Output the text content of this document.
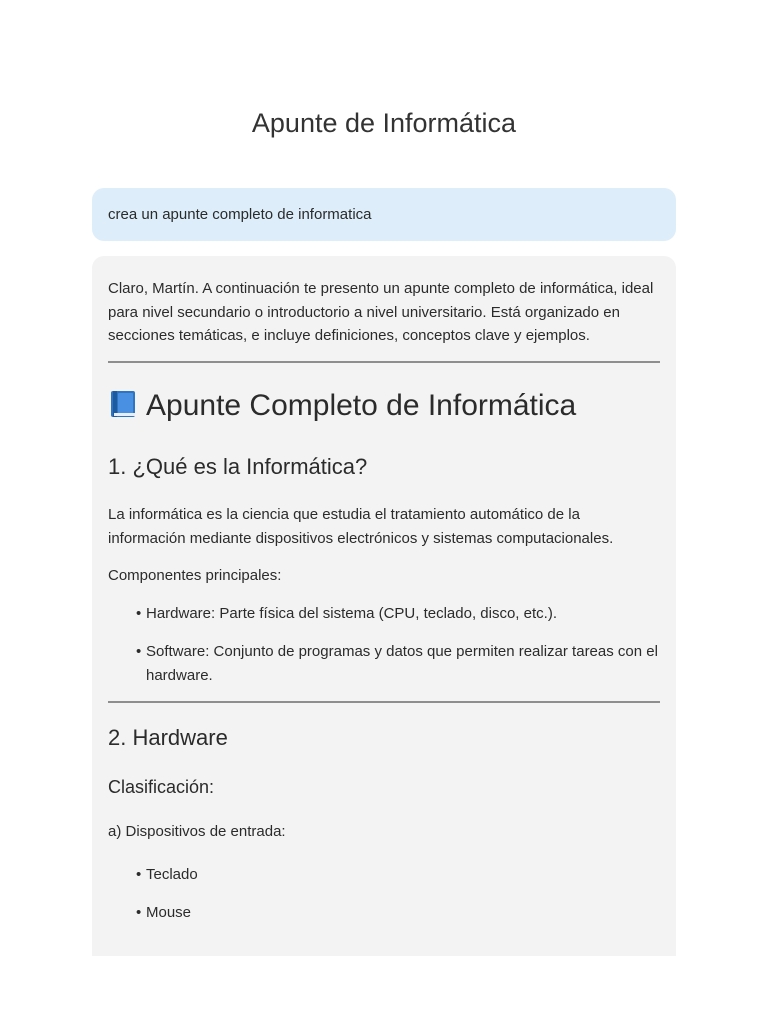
Apunte de Informática
crea un apunte completo de informatica

Claro, Martín. A continuación te presento un apunte completo de informática, ideal para nivel secundario o introductorio a nivel universitario. Está organizado en secciones temáticas, e incluye definiciones, conceptos clave y ejemplos.

Apunte Completo de Informática
1. ¿Qué es la Informática?

La informática es la ciencia que estudia el tratamiento automático de la información mediante dispositivos electrónicos y sistemas computacionales.

Componentes principales:

• Hardware: Parte física del sistema (CPU, teclado, disco, etc.).

• Software: Conjunto de programas y datos que permiten realizar tareas con el hardware.

2. Hardware
Clasificación:

a) Dispositivos de entrada:

• Teclado

• Mouse
